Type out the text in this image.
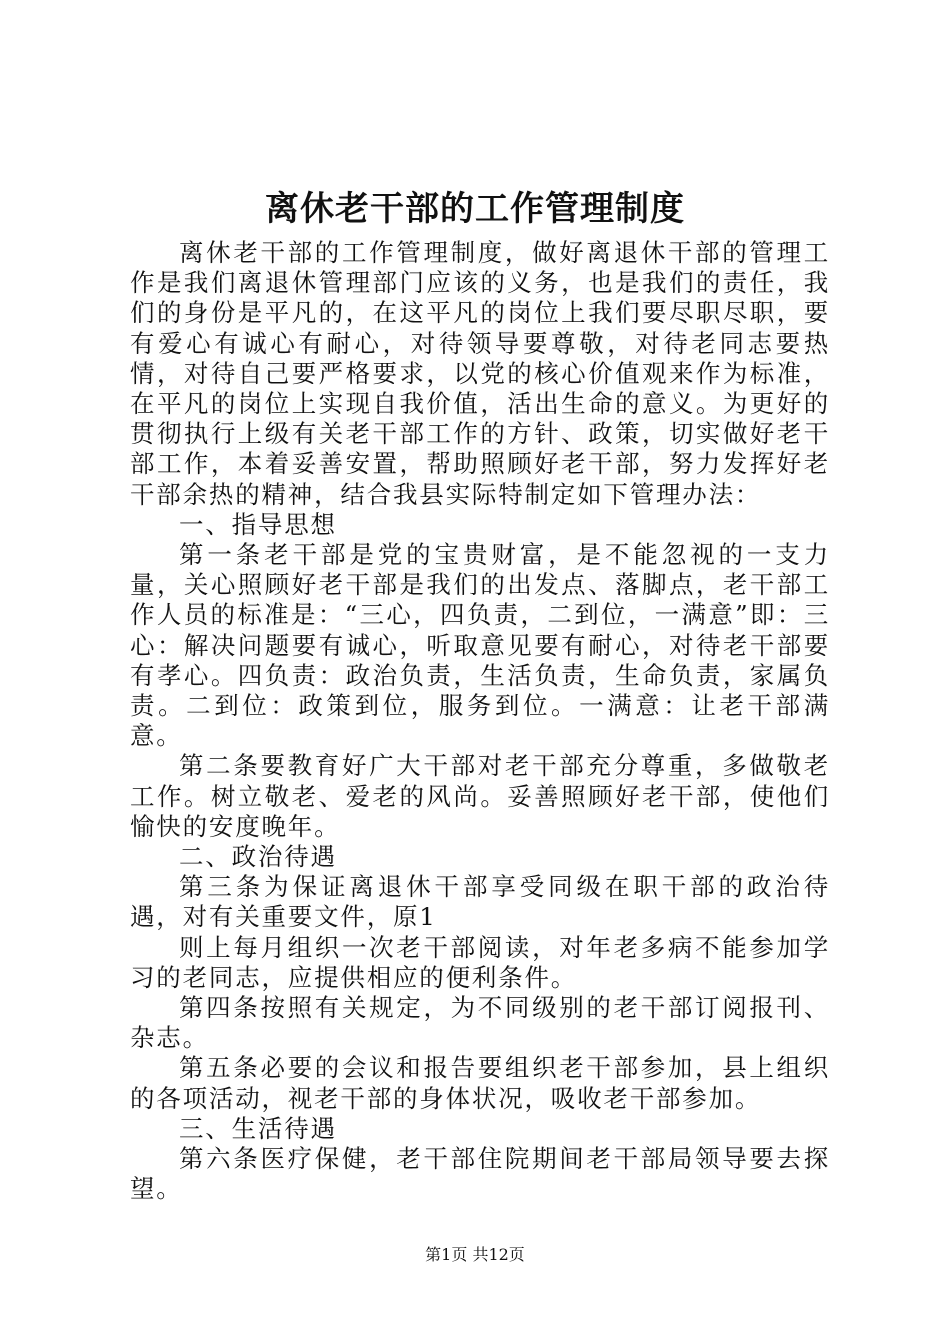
离休老干部的工作管理制度

离休老干部的工作管理制度，做好离退休干部的管理工作是我们离退休管理部门应该的义务，也是我们的责任，我们的身份是平凡的，在这平凡的岗位上我们要尽职尽职，要有爱心有诚心有耐心，对待领导要尊敬，对待老同志要热情，对待自己要严格要求，以党的核心价值观来作为标准，在平凡的岗位上实现自我价值，活出生命的意义。为更好的贯彻执行上级有关老干部工作的方针、政策，切实做好老干部工作，本着妥善安置，帮助照顾好老干部，努力发挥好老干部余热的精神，结合我县实际特制定如下管理办法：

一、指导思想

第一条老干部是党的宝贵财富，是不能忽视的一支力量，关心照顾好老干部是我们的出发点、落脚点，老干部工作人员的标准是：“三心，四负责，二到位，一满意”即：三心：解决问题要有诚心，听取意见要有耐心，对待老干部要有孝心。四负责：政治负责，生活负责，生命负责，家属负责。二到位：政策到位，服务到位。一满意：让老干部满意。

第二条要教育好广大干部对老干部充分尊重，多做敬老工作。树立敬老、爱老的风尚。妥善照顾好老干部，使他们愉快的安度晚年。

二、政治待遇

第三条为保证离退休干部享受同级在职干部的政治待遇，对有关重要文件，原1

则上每月组织一次老干部阅读，对年老多病不能参加学习的老同志，应提供相应的便利条件。

第四条按照有关规定，为不同级别的老干部订阅报刊、杂志。

第五条必要的会议和报告要组织老干部参加，县上组织的各项活动，视老干部的身体状况，吸收老干部参加。

三、生活待遇

第六条医疗保健，老干部住院期间老干部局领导要去探望。

第1页 共12页
